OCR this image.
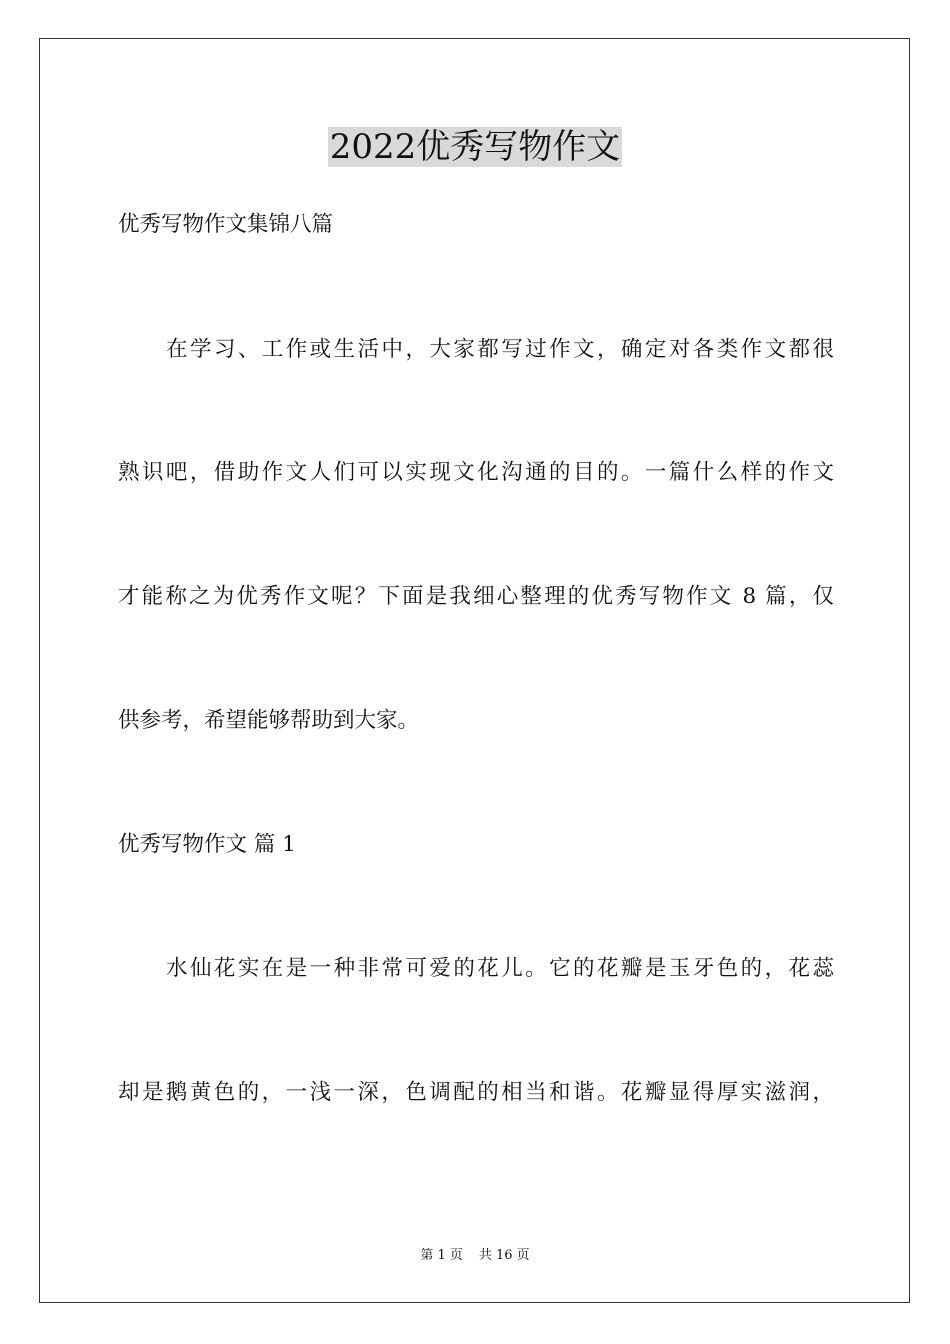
2022优秀写物作文

优秀写物作文集锦八篇

在学习、工作或生活中，大家都写过作文，确定对各类作文都很

熟识吧，借助作文人们可以实现文化沟通的目的。一篇什么样的作文

才能称之为优秀作文呢？下面是我细心整理的优秀写物作文 8 篇，仅

供参考，希望能够帮助到大家。

优秀写物作文 篇 1

水仙花实在是一种非常可爱的花儿。它的花瓣是玉牙色的，花蕊

却是鹅黄色的，一浅一深，色调配的相当和谐。花瓣显得厚实滋润，

第 1 页 共 16 页
